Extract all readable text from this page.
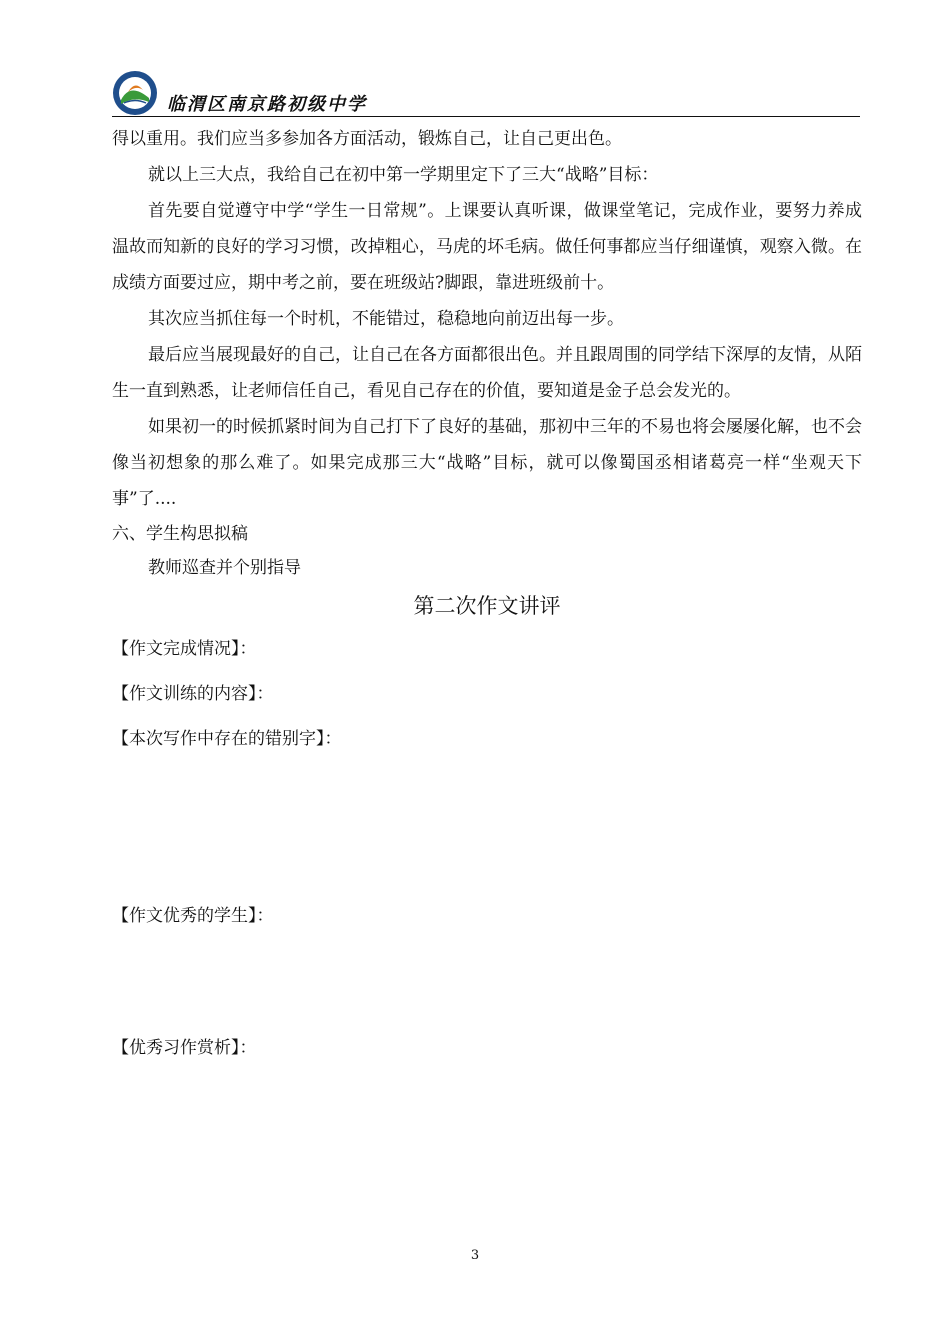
临渭区南京路初级中学

得以重用。我们应当多参加各方面活动，锻炼自己，让自己更出色。

就以上三大点，我给自己在初中第一学期里定下了三大“战略”目标：

首先要自觉遵守中学“学生一日常规”。上课要认真听课，做课堂笔记，完成作业，要努力养成温故而知新的良好的学习习惯，改掉粗心，马虎的坏毛病。做任何事都应当仔细谨慎，观察入微。在成绩方面要过应，期中考之前，要在班级站?脚跟，靠进班级前十。

其次应当抓住每一个时机，不能错过，稳稳地向前迈出每一步。

最后应当展现最好的自己，让自己在各方面都很出色。并且跟周围的同学结下深厚的友情，从陌生一直到熟悉，让老师信任自己，看见自己存在的价值，要知道是金子总会发光的。

如果初一的时候抓紧时间为自己打下了良好的基础，那初中三年的不易也将会屡屡化解，也不会像当初想象的那么难了。如果完成那三大“战略”目标，就可以像蜀国丞相诸葛亮一样“坐观天下事”了....

六、学生构思拟稿

教师巡查并个别指导

第二次作文讲评

【作文完成情况】：

【作文训练的内容】：

【本次写作中存在的错别字】：

【作文优秀的学生】：

【优秀习作赏析】：

3
